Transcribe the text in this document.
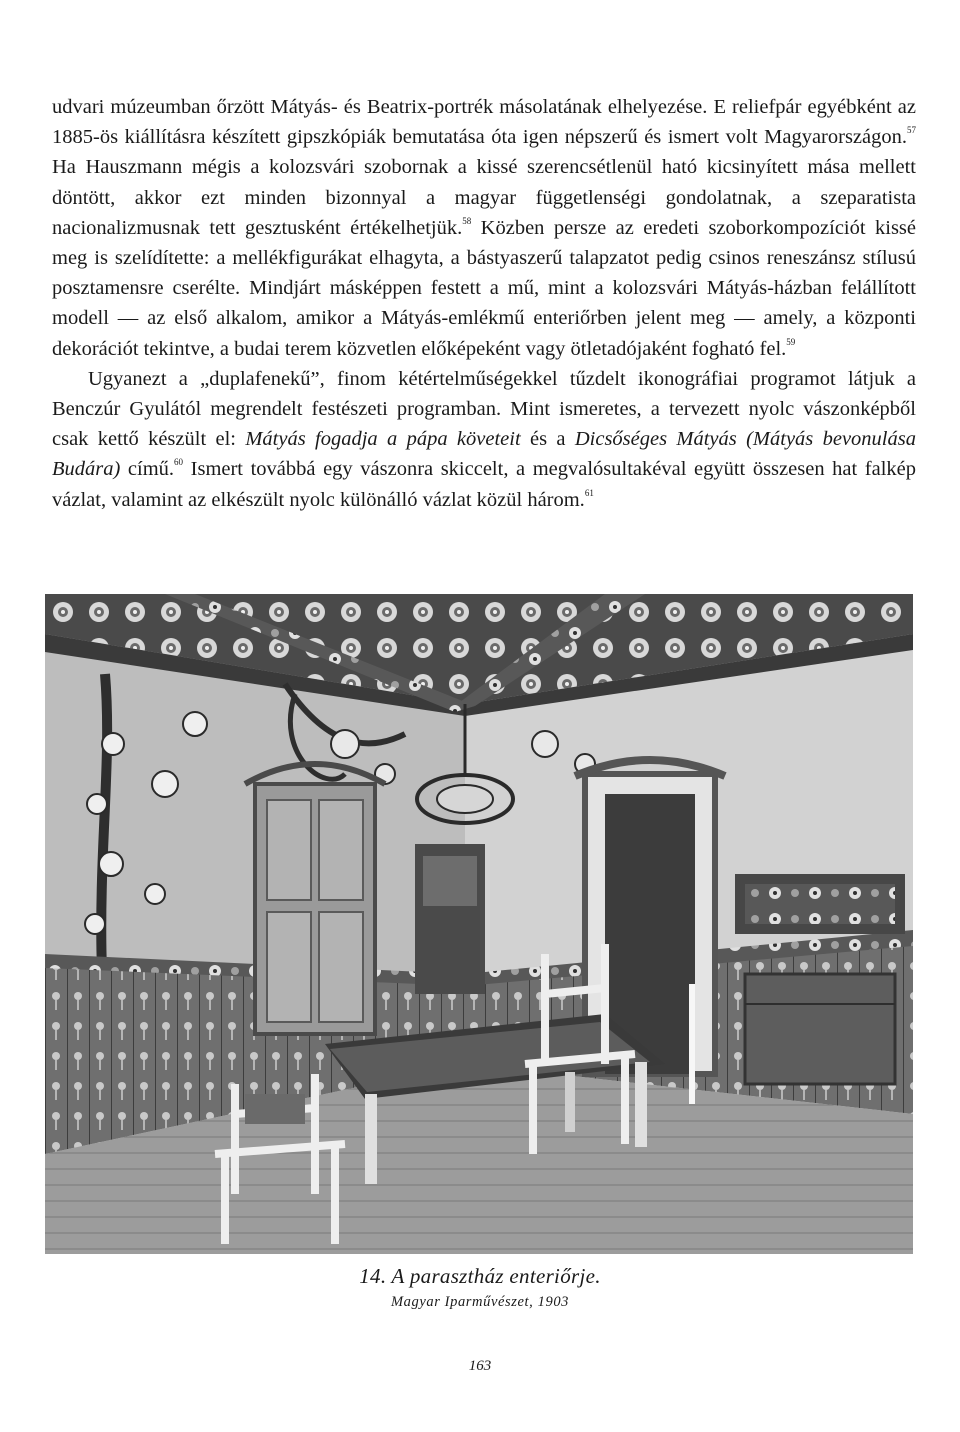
udvari múzeumban őrzött Mátyás- és Beatrix-portrék másolatának elhelyezése. E reliefpár egyébként az 1885-ös kiállításra készített gipszkópiák bemutatása óta igen népszerű és ismert volt Magyarországon.$^{57}$ Ha Hauszmann mégis a kolozsvári szobornak a kissé szerencsétlenül ható kicsinyített mása mellett döntött, akkor ezt minden bizonnyal a magyar függetlenségi gondolatnak, a szeparatista nacionalizmusnak tett gesztusként értékelhetjük.$^{58}$ Közben persze az eredeti szoborkompozíciót kissé meg is szelídítette: a mellékfigurákat elhagyta, a bástyaszerű talapzatot pedig csinos reneszánsz stílusú posztamensre cserélte. Mindjárt másképpen festett a mű, mint a kolozsvári Mátyás-házban felállított modell — az első alkalom, amikor a Mátyás-emlékmű enteriőrben jelent meg — amely, a központi dekorációt tekintve, a budai terem közvetlen előképeként vagy ötletadójaként fogható fel.$^{59}$

Ugyanezt a „duplafenekű”, finom kétértelműségekkel tűzdelt ikonográfiai programot látjuk a Benczúr Gyulától megrendelt festészeti programban. Mint ismeretes, a tervezett nyolc vászonképből csak kettő készült el: Mátyás fogadja a pápa követeit és a Dicsőséges Mátyás (Mátyás bevonulása Budára) című.$^{60}$ Ismert továbbá egy vászonra skiccelt, a megvalósultakéval együtt összesen hat falkép vázlat, valamint az elkészült nyolc különálló vázlat közül három.$^{61}$

14. A parasztház enteriőrje.
Magyar Iparművészet, 1903
163
